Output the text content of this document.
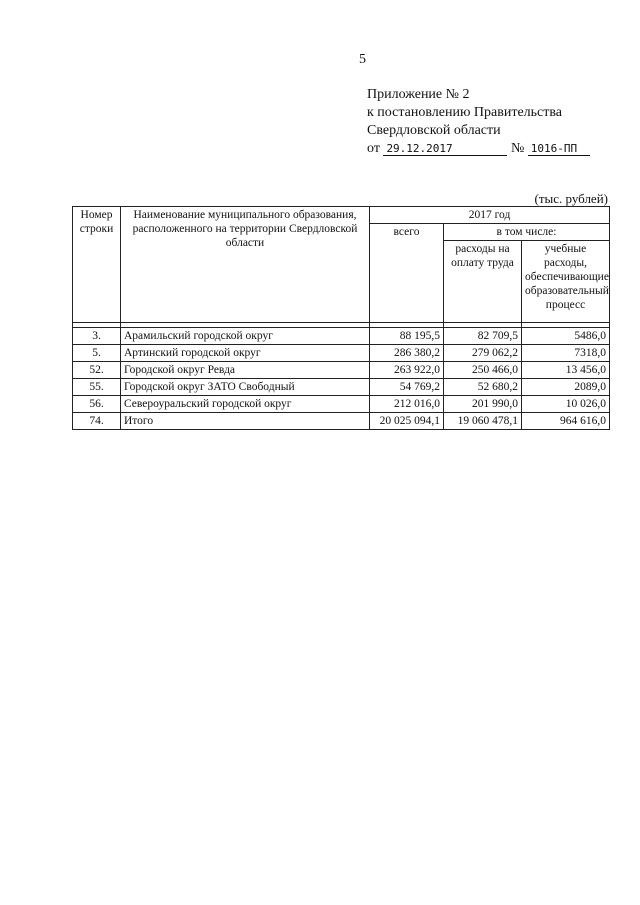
5
Приложение № 2
к постановлению Правительства
Свердловской области
от 29.12.2017	№ 1016-ПП
(тыс. рублей)
Номер строки	Наименование муниципального образования, расположенного на территории Свердловской области	2017 год		
		всего	в том числе:	
			расходы на оплату труда	учебные расходы, обеспечивающие образовательный процесс

3.	Арамильский городской округ	88 195,5	82 709,5	5486,0
5.	Артинский городской округ	286 380,2	279 062,2	7318,0
52.	Городской округ Ревда	263 922,0	250 466,0	13 456,0
55.	Городской округ ЗАТО Свободный	54 769,2	52 680,2	2089,0
56.	Североуральский городской округ	212 016,0	201 990,0	10 026,0
74.	Итого	20 025 094,1	19 060 478,1	964 616,0
